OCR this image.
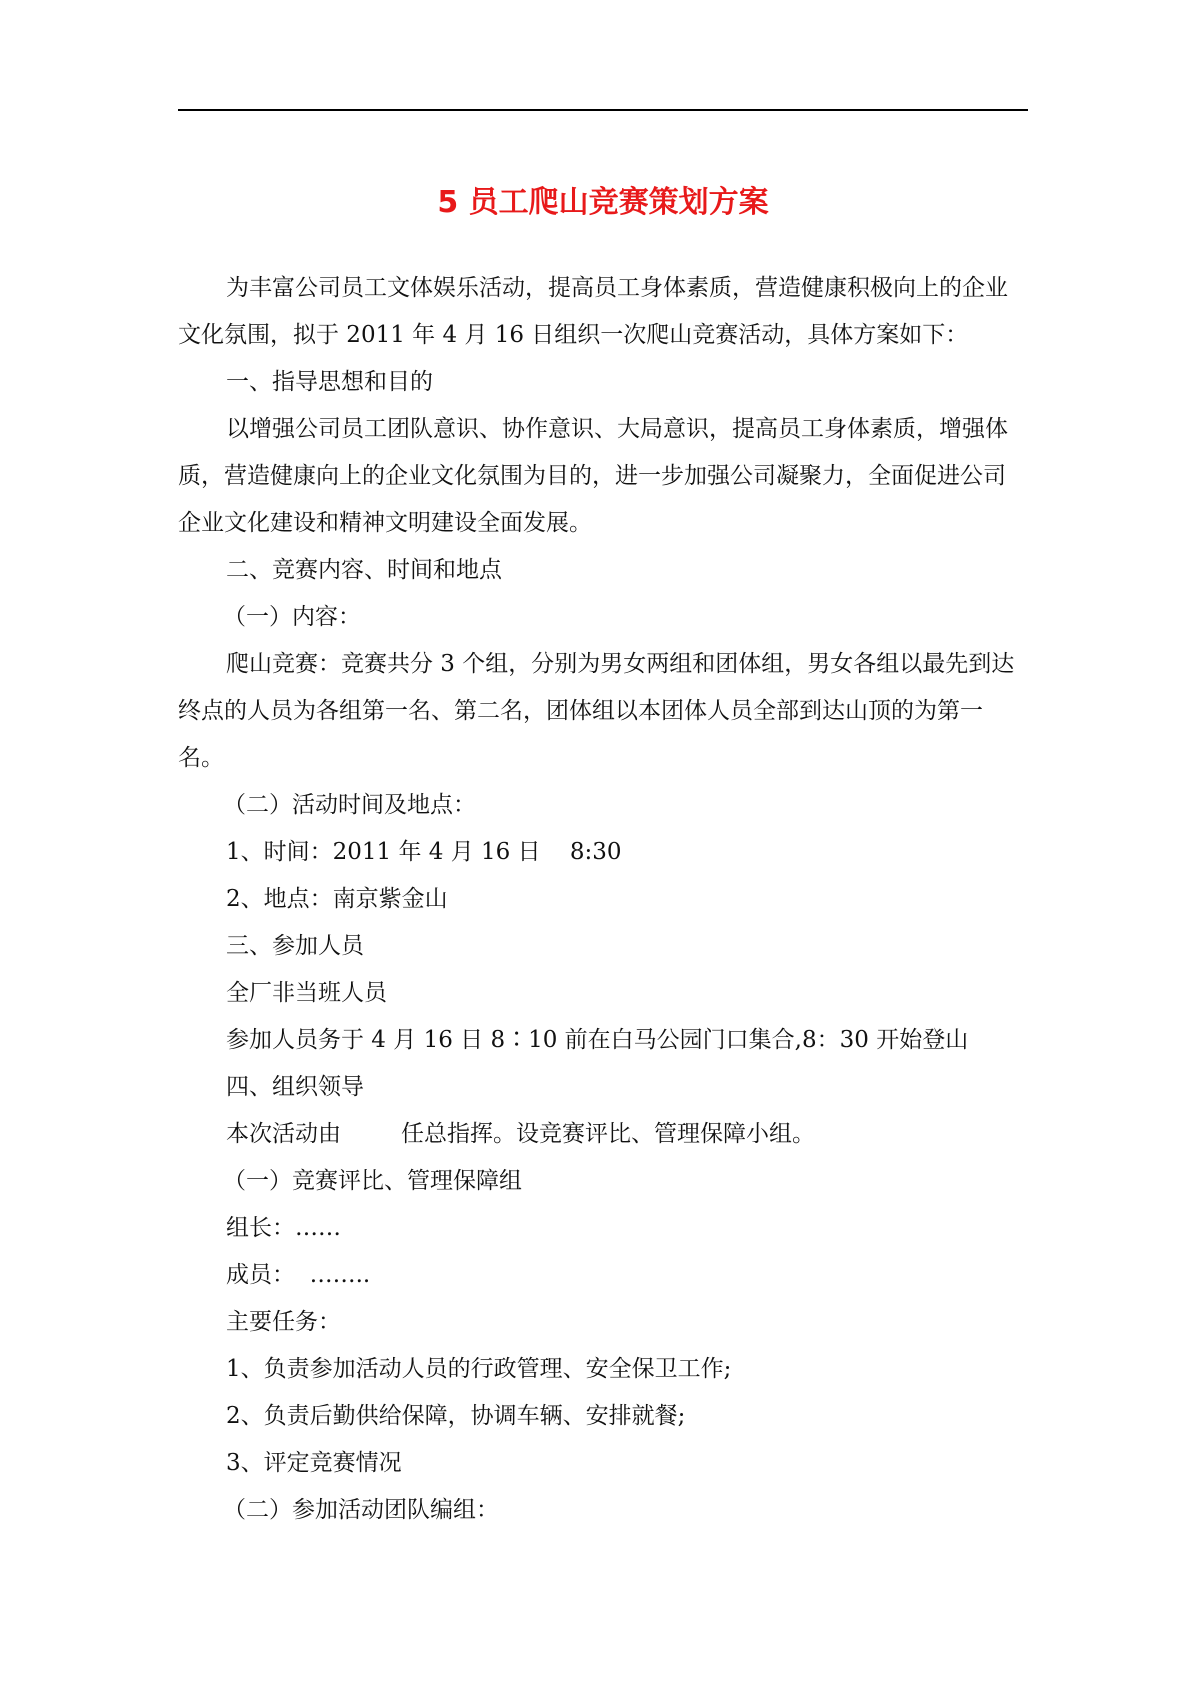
5 员工爬山竞赛策划方案

为丰富公司员工文体娱乐活动，提高员工身体素质，营造健康积极向上的企业文化氛围，拟于 2011 年 4 月 16 日组织一次爬山竞赛活动，具体方案如下：

一、指导思想和目的

以增强公司员工团队意识、协作意识、大局意识，提高员工身体素质，增强体质，营造健康向上的企业文化氛围为目的，进一步加强公司凝聚力，全面促进公司企业文化建设和精神文明建设全面发展。

二、竞赛内容、时间和地点

（一）内容：

爬山竞赛：竞赛共分 3 个组，分别为男女两组和团体组，男女各组以最先到达终点的人员为各组第一名、第二名，团体组以本团体人员全部到达山顶的为第一名。

（二）活动时间及地点：

1、时间：2011 年 4 月 16 日    8:30

2、地点：南京紫金山

三、参加人员

全厂非当班人员

参加人员务于 4 月 16 日 8∶10 前在白马公园门口集合,8：30 开始登山

四、组织领导

本次活动由	任总指挥。设竞赛评比、管理保障小组。

（一）竞赛评比、管理保障组

组长：……

成员：  ……..

主要任务：

1、负责参加活动人员的行政管理、安全保卫工作;

2、负责后勤供给保障，协调车辆、安排就餐;

3、评定竞赛情况

（二）参加活动团队编组：
